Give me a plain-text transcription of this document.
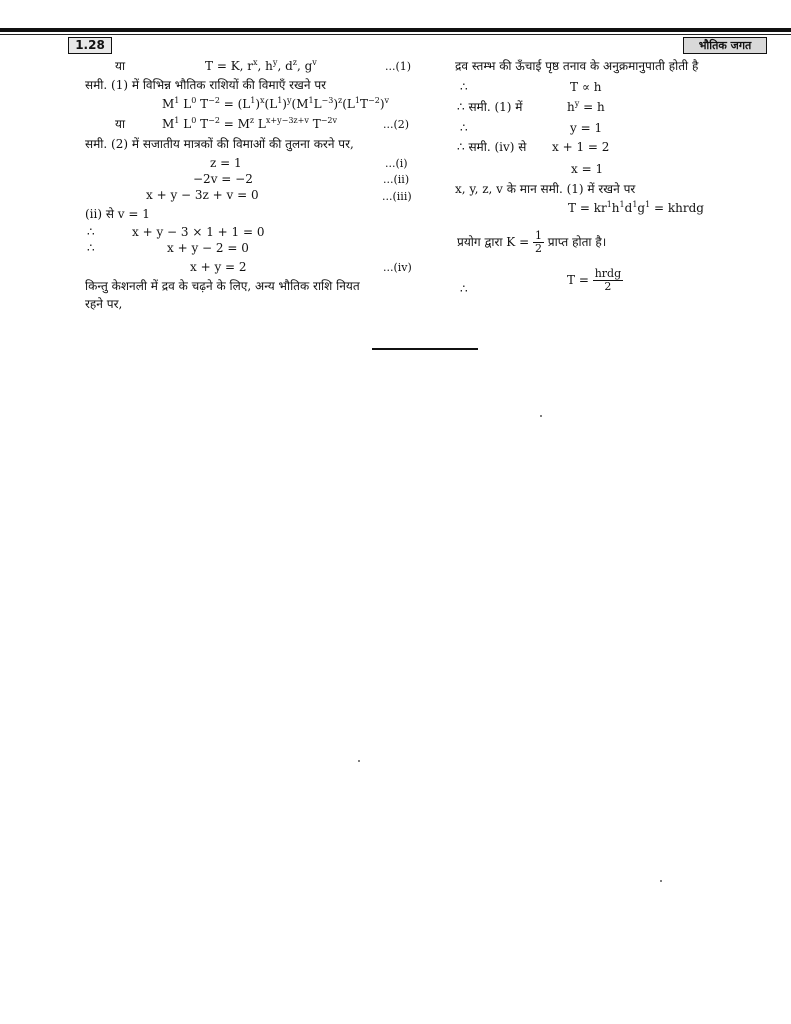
1.28	भौतिक जगत
या	T = K, $r^x$, $h^y$, $d^z$, $g^v$	...(1)
समी. (1) में विभिन्न भौतिक राशियों की विमाएँ रखने पर
$M^1$ $L^0$ $T^{-2} = (L^1)^x(L^1)^y(M^1L^{-3})^z(L^1T^{-2})^v$
या	$M^1$ $L^0$ $T^{-2} = M^z$ $L^{x+y-3z+v}$ $T^{-2v}$	...(2)
समी. (2) में सजातीय मात्रकों की विमाओं की तुलना करने पर,
z = 1	...(i)
−2v = −2	...(ii)
x + y − 3z + v = 0	...(iii)
(ii) से v = 1
∴	x + y − 3 × 1 + 1 = 0
∴	x + y − 2 = 0
x + y = 2	...(iv)
किन्तु केशनली में द्रव के चढ़ने के लिए, अन्य भौतिक राशि नियत
रहने पर,
द्रव स्तम्भ की ऊँचाई पृष्ठ तनाव के अनुक्रमानुपाती होती है
∴	T ∝ h
∴ समी. (1) में	$h^y = h$
∴	y = 1
∴ समी. (iv) से x + 1 = 2
x = 1
x, y, z, v के मान समी. (1) में रखने पर
$T = kr^1h^1d^1g^1$ = khrdg
प्रयोग द्वारा $K = \frac{1}{2}$ प्राप्त होता है।
∴
$T = \frac{\text{hrdg}}{2}$
